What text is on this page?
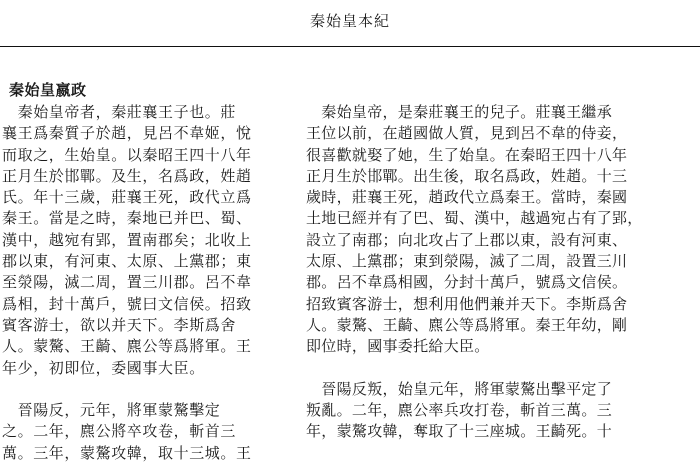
秦始皇本紀
秦始皇嬴政
　秦始皇帝者，秦莊襄王子也。莊
襄王爲秦質子於趙，見呂不韋姬，悅
而取之，生始皇。以秦昭王四十八年
正月生於邯鄲。及生，名爲政，姓趙
氏。年十三歲，莊襄王死，政代立爲
秦王。當是之時，秦地已并巴、蜀、
漢中，越宛有郢，置南郡矣；北收上
郡以東，有河東、太原、上黨郡；東
至滎陽，滅二周，置三川郡。呂不韋
爲相，封十萬戶，號曰文信侯。招致
賓客游士，欲以并天下。李斯爲舍
人。蒙驁、王齮、麃公等爲將軍。王
年少，初即位，委國事大臣。
　晉陽反，元年，將軍蒙驁擊定
之。二年，麃公將卒攻卷，斬首三
萬。三年，蒙驁攻韓，取十三城。王
　秦始皇帝，是秦莊襄王的兒子。莊襄王繼承
王位以前，在趙國做人質，見到呂不韋的侍妾，
很喜歡就娶了她，生了始皇。在秦昭王四十八年
正月生於邯鄲。出生後，取名爲政，姓趙。十三
歲時，莊襄王死，趙政代立爲秦王。當時，秦國
土地已經并有了巴、蜀、漢中，越過宛占有了郢，
設立了南郡；向北攻占了上郡以東，設有河東、
太原、上黨郡；東到滎陽，滅了二周，設置三川
郡。呂不韋爲相國，分封十萬戶，號爲文信侯。
招致賓客游士，想利用他們兼并天下。李斯爲舍
人。蒙驁、王齮、麃公等爲將軍。秦王年幼，剛
即位時，國事委托給大臣。
　晉陽反叛，始皇元年，將軍蒙驁出擊平定了
叛亂。二年，麃公率兵攻打卷，斬首三萬。三
年，蒙驁攻韓，奪取了十三座城。王齮死。十
